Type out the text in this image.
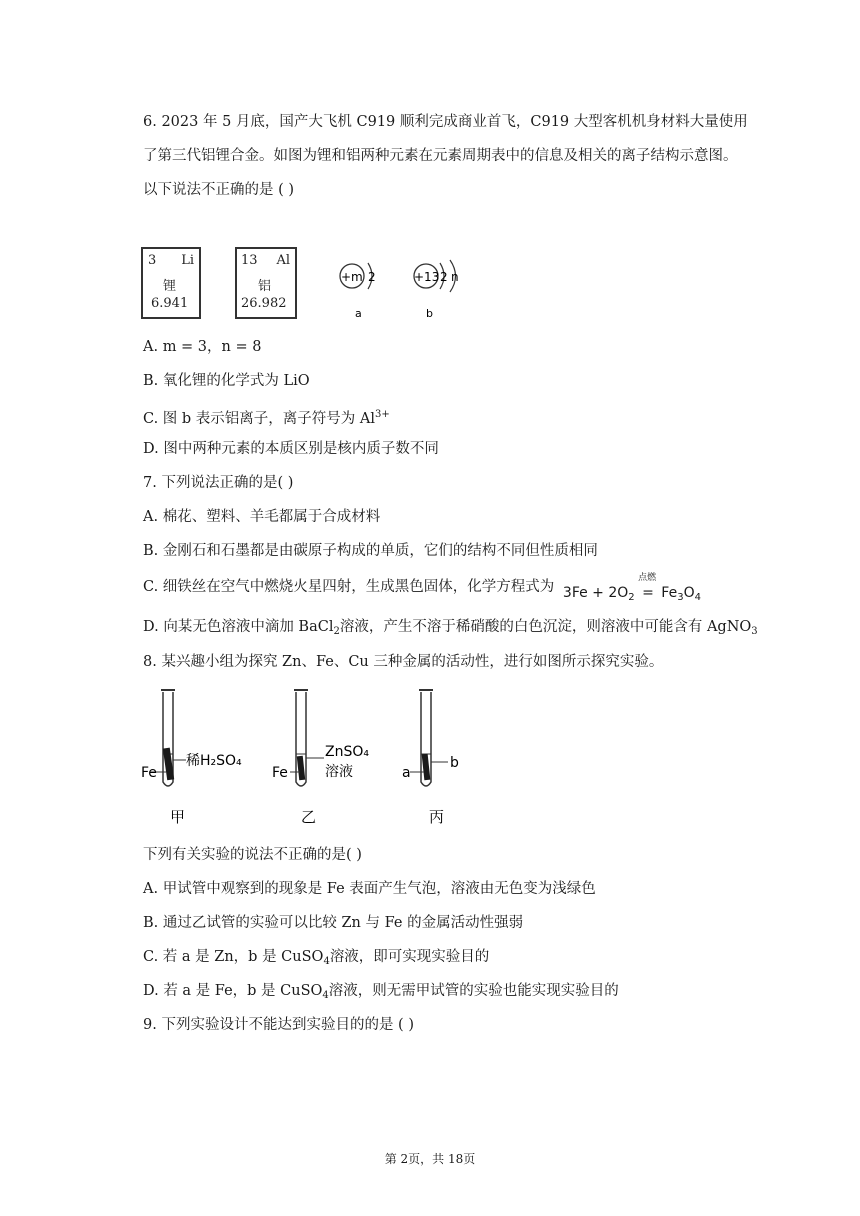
6. 2023 年 5 月底，国产大飞机 C919 顺利完成商业首飞，C919 大型客机机身材料大量使用
了第三代铝锂合金。如图为锂和铝两种元素在元素周期表中的信息及相关的离子结构示意图。
以下说法不正确的是 ( )
3 Li
锂
6.941
13 Al
铝
26.982
+m 2
a
+13 2 n
b
A. m = 3，n = 8
B. 氧化锂的化学式为 LiO
C. 图 b 表示铝离子，离子符号为 $Al^{3+}$
D. 图中两种元素的本质区别是核内质子数不同
7. 下列说法正确的是( )
A. 棉花、塑料、羊毛都属于合成材料
B. 金刚石和石墨都是由碳原子构成的单质，它们的结构不同但性质相同
C. 细铁丝在空气中燃烧火星四射，生成黑色固体，化学方程式为 $3Fe + 2O_2$
点燃
= $Fe_3O_4$
D. 向某无色溶液中滴加 BaCl$_2$溶液，产生不溶于稀硝酸的白色沉淀，则溶液中可能含有 AgNO$_3$
8. 某兴趣小组为探究 Zn、Fe、Cu 三种金属的活动性，进行如图所示探究实验。
Fe
稀H₂SO₄
甲
Fe
ZnSO₄
溶液
乙
a
b
丙
下列有关实验的说法不正确的是( )
A. 甲试管中观察到的现象是 Fe 表面产生气泡，溶液由无色变为浅绿色
B. 通过乙试管的实验可以比较 Zn 与 Fe 的金属活动性强弱
C. 若 a 是 Zn，b 是 CuSO$_4$溶液，即可实现实验目的
D. 若 a 是 Fe，b 是 CuSO$_4$溶液，则无需甲试管的实验也能实现实验目的
9. 下列实验设计不能达到实验目的的是 ( )
第 2页，共 18页
